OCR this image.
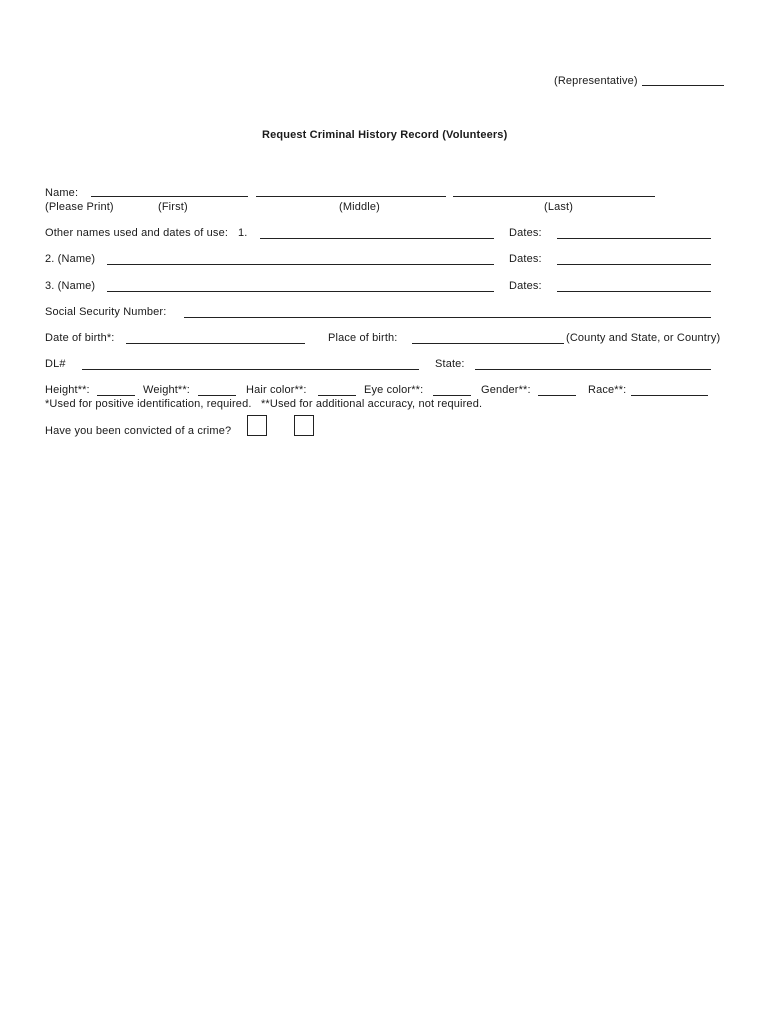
(Representative)
Request Criminal History Record (Volunteers)
Name:
(Please Print)	(First)	(Middle)	(Last)
Other names used and dates of use: 1.	Dates:
2. (Name)	Dates:
3. (Name)	Dates:
Social Security Number:
Date of birth*:	Place of birth:	(County and State, or Country)
DL#	State:
Height**:	Weight**:	Hair color**:	Eye color**:	Gender**:	Race**:
*Used for positive identification, required. **Used for additional accuracy, not required.
Have you been convicted of a crime?
